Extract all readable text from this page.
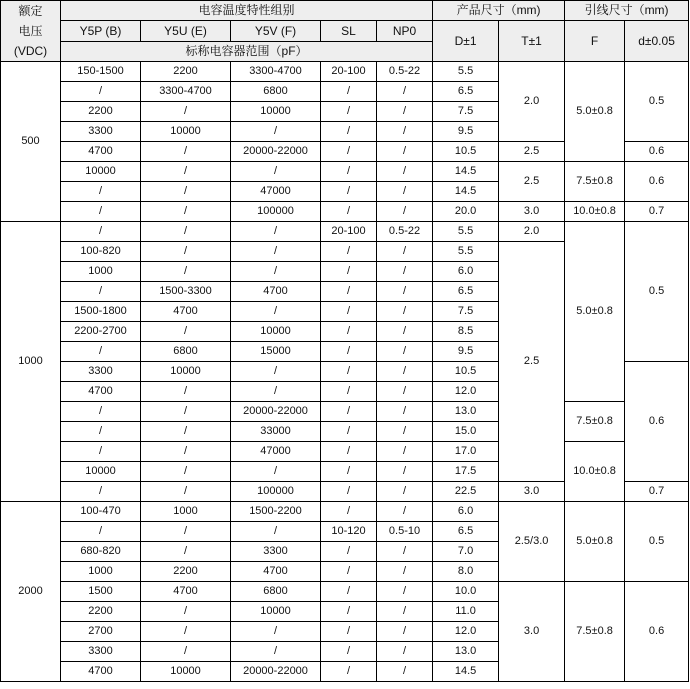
额定
电压
(VDC)	电容温度特性组别					产品尺寸（mm)		引线尺寸（mm)	
	Y5P (B)	Y5U (E)	Y5V (F)	SL	NP0	D±1	T±1	F	d±0.05
	标称电容器范围（pF）								
500	150-1500	2200	3300-4700	20-100	0.5-22	5.5	2.0	5.0±0.8	0.5
	/	3300-4700	6800	/	/	6.5			
	2200	/	10000	/	/	7.5			
	3300	10000	/	/	/	9.5			
	4700	/	20000-22000	/	/	10.5	2.5		0.6
	10000	/	/	/	/	14.5	2.5	7.5±0.8	0.6
	/	/	47000	/	/	14.5			
	/	/	100000	/	/	20.0	3.0	10.0±0.8	0.7
1000	/	/	/	20-100	0.5-22	5.5	2.0	5.0±0.8	0.5
	100-820	/	/	/	/	5.5	2.5		
	1000	/	/	/	/	6.0			
	/	1500-3300	4700	/	/	6.5			
	1500-1800	4700	/	/	/	7.5			
	2200-2700	/	10000	/	/	8.5			
	/	6800	15000	/	/	9.5			
	3300	10000	/	/	/	10.5			0.6
	4700	/	/	/	/	12.0			
	/	/	20000-22000	/	/	13.0		7.5±0.8	
	/	/	33000	/	/	15.0			
	/	/	47000	/	/	17.0		10.0±0.8	
	10000	/	/	/	/	17.5			
	/	/	100000	/	/	22.5	3.0		0.7
2000	100-470	1000	1500-2200	/	/	6.0	2.5/3.0	5.0±0.8	0.5
	/	/	/	10-120	0.5-10	6.5			
	680-820	/	3300	/	/	7.0			
	1000	2200	4700	/	/	8.0			
	1500	4700	6800	/	/	10.0	3.0	7.5±0.8	0.6
	2200	/	10000	/	/	11.0			
	2700	/	/	/	/	12.0			
	3300	/	/	/	/	13.0			
	4700	10000	20000-22000	/	/	14.5			
